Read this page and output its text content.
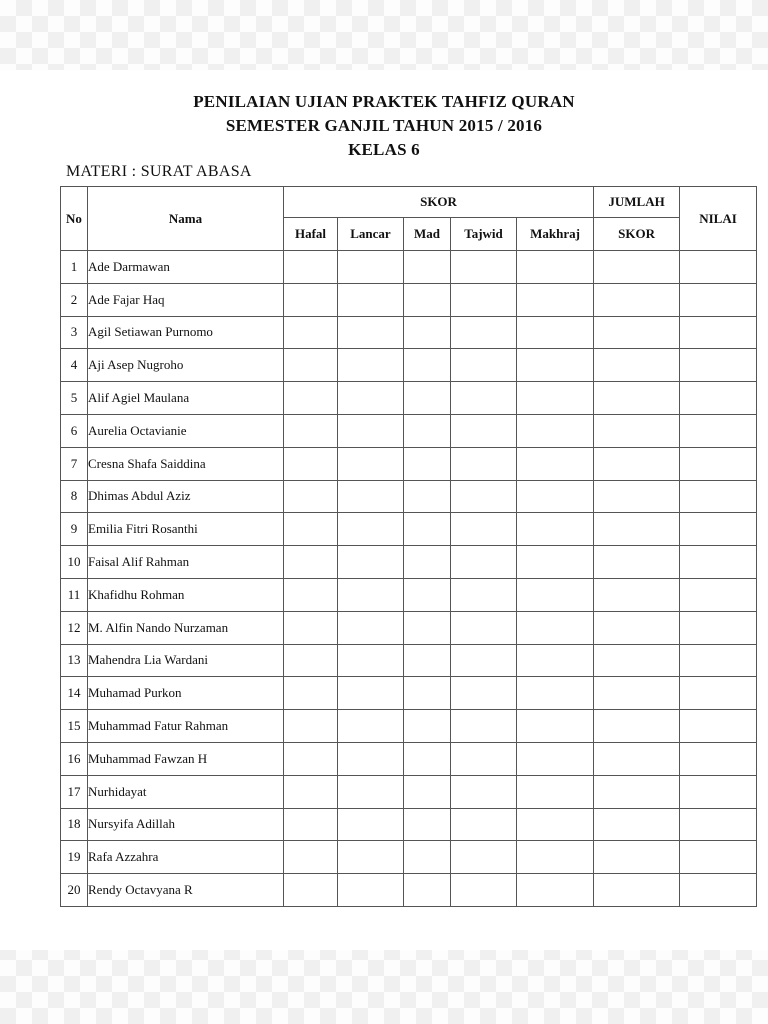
PENILAIAN UJIAN PRAKTEK TAHFIZ QURAN
SEMESTER GANJIL TAHUN 2015 / 2016
KELAS 6
MATERI : SURAT ABASA
No	Nama	SKOR					JUMLAH	NILAI
		Hafal	Lancar	Mad	Tajwid	Makhraj	SKOR	
1	Ade Darmawan							
2	Ade Fajar Haq							
3	Agil Setiawan Purnomo							
4	Aji Asep Nugroho							
5	Alif Agiel Maulana							
6	Aurelia Octavianie							
7	Cresna Shafa Saiddina							
8	Dhimas Abdul Aziz							
9	Emilia Fitri Rosanthi							
10	Faisal Alif Rahman							
11	Khafidhu Rohman							
12	M. Alfin Nando Nurzaman							
13	Mahendra Lia Wardani							
14	Muhamad Purkon							
15	Muhammad Fatur Rahman							
16	Muhammad Fawzan H							
17	Nurhidayat							
18	Nursyifa Adillah							
19	Rafa Azzahra							
20	Rendy Octavyana R							
